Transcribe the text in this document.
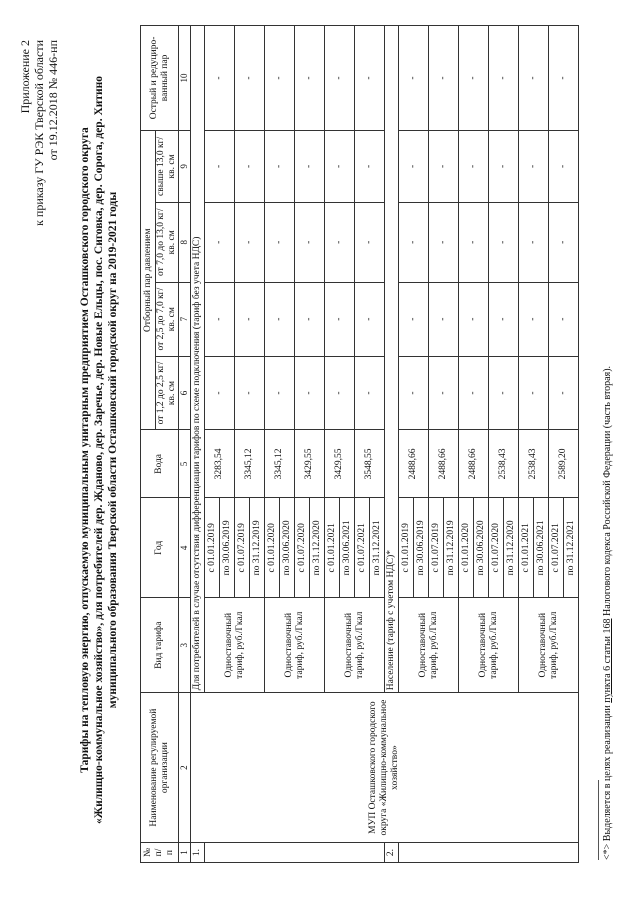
Приложение 2 к приказу ГУ РЭК Тверской области от 19.12.2018 № 446-нп
Тарифы на тепловую энергию, отпускаемую муниципальным унитарным предприятием Осташковского городского округа «Жилищно-коммунальное хозяйство», для потребителей дер. Жданово, дер. Заречье, дер. Новые Ельцы, пос. Сиговка, дер. Сорога, дер. Хитино муниципального образования Тверской области Осташковский городской округ на 2019-2021 годы
№ п/ п	Наименование регулируемой организации	Вид тарифа	Год	Вода	Отборный пар давлением				Острый и редуциро-ванный пар
					от 1,2 до 2,5 кг/кв. см	от 2,5 до 7,0 кг/кв. см	от 7,0 до 13,0 кг/кв. см	свыше 13,0 кг/кв. см	
1	2	3	4	5	6	7	8	9	10
1.	МУП Осташковского городского округа «Жилищно-коммунальное хозяйство»	Для потребителей в случае отсутствия дифференциации тарифов по схеме подключения (тариф без учета НДС)							
		Одноставочный тариф, руб./Гкал	с 01.01.2019	3283,54	-	-	-	-	-
			по 30.06.2019						
			с 01.07.2019	3345,12	-	-	-	-	-
			по 31.12.2019						
		Одноставочный тариф, руб./Гкал	с 01.01.2020	3345,12	-	-	-	-	-
			по 30.06.2020						
			с 01.07.2020	3429,55	-	-	-	-	-
			по 31.12.2020						
		Одноставочный тариф, руб./Гкал	с 01.01.2021	3429,55	-	-	-	-	-
			по 30.06.2021						
			с 01.07.2021	3548,55	-	-	-	-	-
			по 31.12.2021						
2.		Население (тариф с учетом НДС)*							
		Одноставочный тариф, руб./Гкал	с 01.01.2019	2488,66	-	-	-	-	-
			по 30.06.2019						
			с 01.07.2019	2488,66	-	-	-	-	-
			по 31.12.2019						
		Одноставочный тариф, руб./Гкал	с 01.01.2020	2488,66	-	-	-	-	-
			по 30.06.2020						
			с 01.07.2020	2538,43	-	-	-	-	-
			по 31.12.2020						
		Одноставочный тариф, руб./Гкал	с 01.01.2021	2538,43	-	-	-	-	-
			по 30.06.2021						
			с 01.07.2021	2589,20	-	-	-	-	-
			по 31.12.2021						
<*> Выделяется в целях реализации пункта 6 статьи 168 Налогового кодекса Российской Федерации (часть вторая).
